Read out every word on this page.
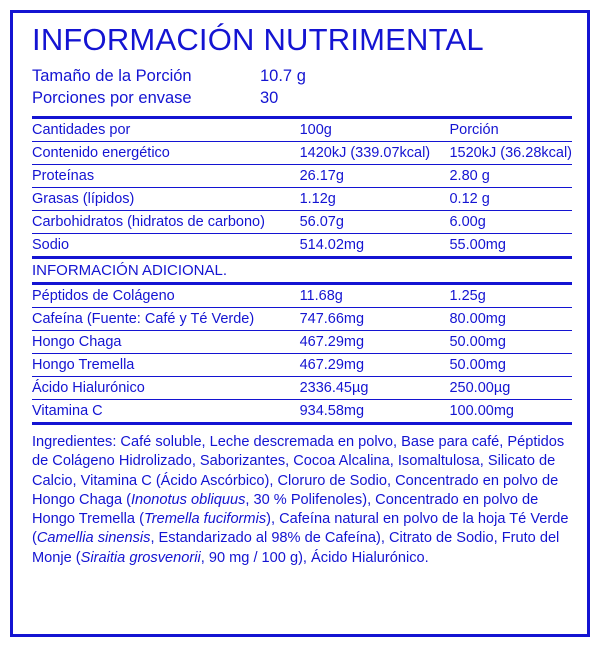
INFORMACIÓN NUTRIMENTAL
Tamaño de la Porción	10.7 g
Porciones por envase	30
Cantidades por	100g	Porción
Contenido energético	1420kJ (339.07kcal)	1520kJ (36.28kcal)
Proteínas	26.17g	2.80 g
Grasas (lípidos)	1.12g	0.12 g
Carbohidratos (hidratos de carbono)	56.07g	6.00g
Sodio	514.02mg	55.00mg
INFORMACIÓN ADICIONAL.		
Péptidos de Colágeno	11.68g	1.25g
Cafeína (Fuente: Café y Té Verde)	747.66mg	80.00mg
Hongo Chaga	467.29mg	50.00mg
Hongo Tremella	467.29mg	50.00mg
Ácido Hialurónico	2336.45µg	250.00µg
Vitamina C	934.58mg	100.00mg
Ingredientes: Café soluble, Leche descremada en polvo, Base para café, Péptidos de Colágeno Hidrolizado, Saborizantes, Cocoa Alcalina, Isomaltulosa, Silicato de Calcio, Vitamina C (Ácido Ascórbico), Cloruro de Sodio, Concentrado en polvo de Hongo Chaga (Inonotus obliquus, 30 % Polifenoles), Concentrado en polvo de Hongo Tremella (Tremella fuciformis), Cafeína natural en polvo de la hoja Té Verde (Camellia sinensis, Estandarizado al 98% de Cafeína), Citrato de Sodio, Fruto del Monje (Siraitia grosvenorii, 90 mg / 100 g), Ácido Hialurónico.
